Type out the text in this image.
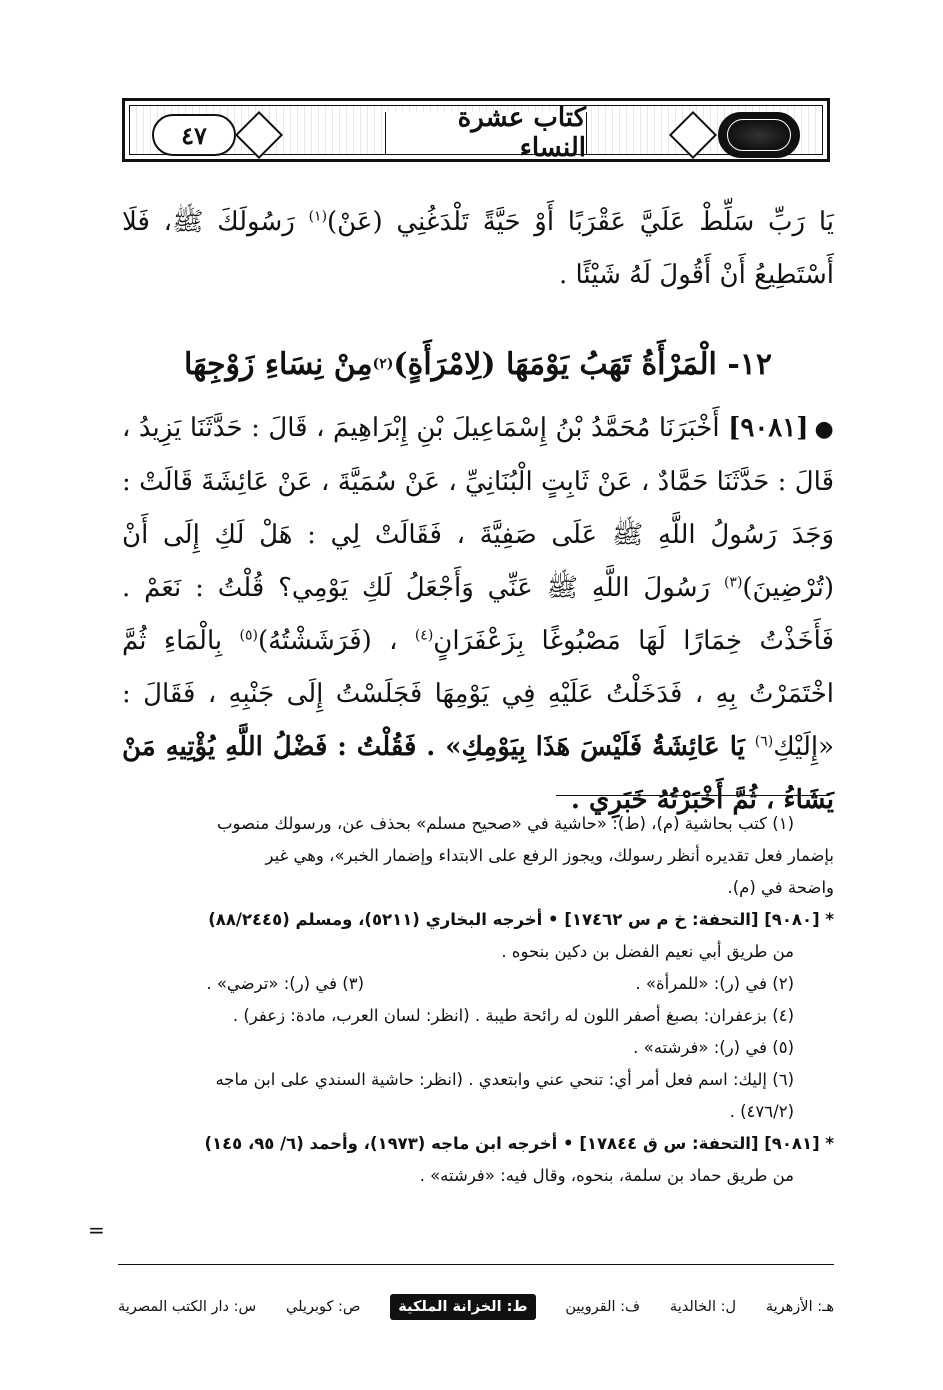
٤٧
كتاب عشرة النساء
يَا رَبِّ سَلِّطْ عَلَيَّ عَقْرَبًا أَوْ حَيَّةً تَلْدَغُنِي (عَنْ)$^{(١)}$ رَسُولَكَ ﷺ، فَلَا أَسْتَطِيعُ أَنْ أَقُولَ لَهُ شَيْئًا .
١٢- الْمَرْأَةُ تَهَبُ يَوْمَهَا (لِامْرَأَةٍ)
(٢)
مِنْ نِسَاءِ زَوْجِهَا
●[٩٠٨١] أَخْبَرَنَا مُحَمَّدُ بْنُ إِسْمَاعِيلَ بْنِ إِبْرَاهِيمَ ، قَالَ : حَدَّثَنَا يَزِيدُ ، قَالَ : حَدَّثَنَا حَمَّادٌ ، عَنْ ثَابِتٍ الْبُنَانِيِّ ، عَنْ سُمَيَّةَ ، عَنْ عَائِشَةَ قَالَتْ : وَجَدَ رَسُولُ اللَّهِ ﷺ عَلَى صَفِيَّةَ ، فَقَالَتْ لِي : هَلْ لَكِ إِلَى أَنْ (تُرْضِينَ)$^{(٣)}$ رَسُولَ اللَّهِ ﷺ عَنِّي وَأَجْعَلُ لَكِ يَوْمِي؟ قُلْتُ : نَعَمْ . فَأَخَذْتُ خِمَارًا لَهَا مَصْبُوغًا بِزَعْفَرَانٍ$^{(٤)}$ ، (فَرَشَشْتُهُ)$^{(٥)}$ بِالْمَاءِ ثُمَّ اخْتَمَرْتُ بِهِ ، فَدَخَلْتُ عَلَيْهِ فِي يَوْمِهَا فَجَلَسْتُ إِلَى جَنْبِهِ ، فَقَالَ : «إِلَيْكِ$^{(٦)}$ يَا عَائِشَةُ فَلَيْسَ هَذَا بِيَوْمِكِ» . فَقُلْتُ : فَضْلُ اللَّهِ يُؤْتِيهِ مَنْ يَشَاءُ ، ثُمَّ أَخْبَرْتُهُ خَبَرِي .
(١) كتب بحاشية (م)، (ط): «حاشية في «صحيح مسلم» بحذف عن، ورسولك منصوب
بإضمار فعل تقديره أنظر رسولك، ويجوز الرفع على الابتداء وإضمار الخبر»، وهي غير
واضحة في (م).
* [٩٠٨٠] [التحفة: خ م س ١٧٤٦٢] • أخرجه البخاري (٥٢١١)، ومسلم (٨٨/٢٤٤٥)
من طريق أبي نعيم الفضل بن دكين بنحوه .
(٢) في (ر): «للمرأة» .
(٣) في (ر): «ترضي» .
(٤) بزعفران: بصبغ أصفر اللون له رائحة طيبة . (انظر: لسان العرب، مادة: زعفر) .
(٥) في (ر): «فرشته» .
(٦) إليك: اسم فعل أمر أي: تنحي عني وابتعدي . (انظر: حاشية السندي على ابن ماجه
(٤٧٦/٢) .
* [٩٠٨١] [التحفة: س ق ١٧٨٤٤] • أخرجه ابن ماجه (١٩٧٣)، وأحمد (٦/ ٩٥، ١٤٥)
من طريق حماد بن سلمة، بنحوه، وقال فيه: «فرشته» .
=
س: دار الكتب المصرية ص: كوبريلي	ط: الخزانة الملكية	ف: القرويين ل: الخالدية هـ: الأزهرية
